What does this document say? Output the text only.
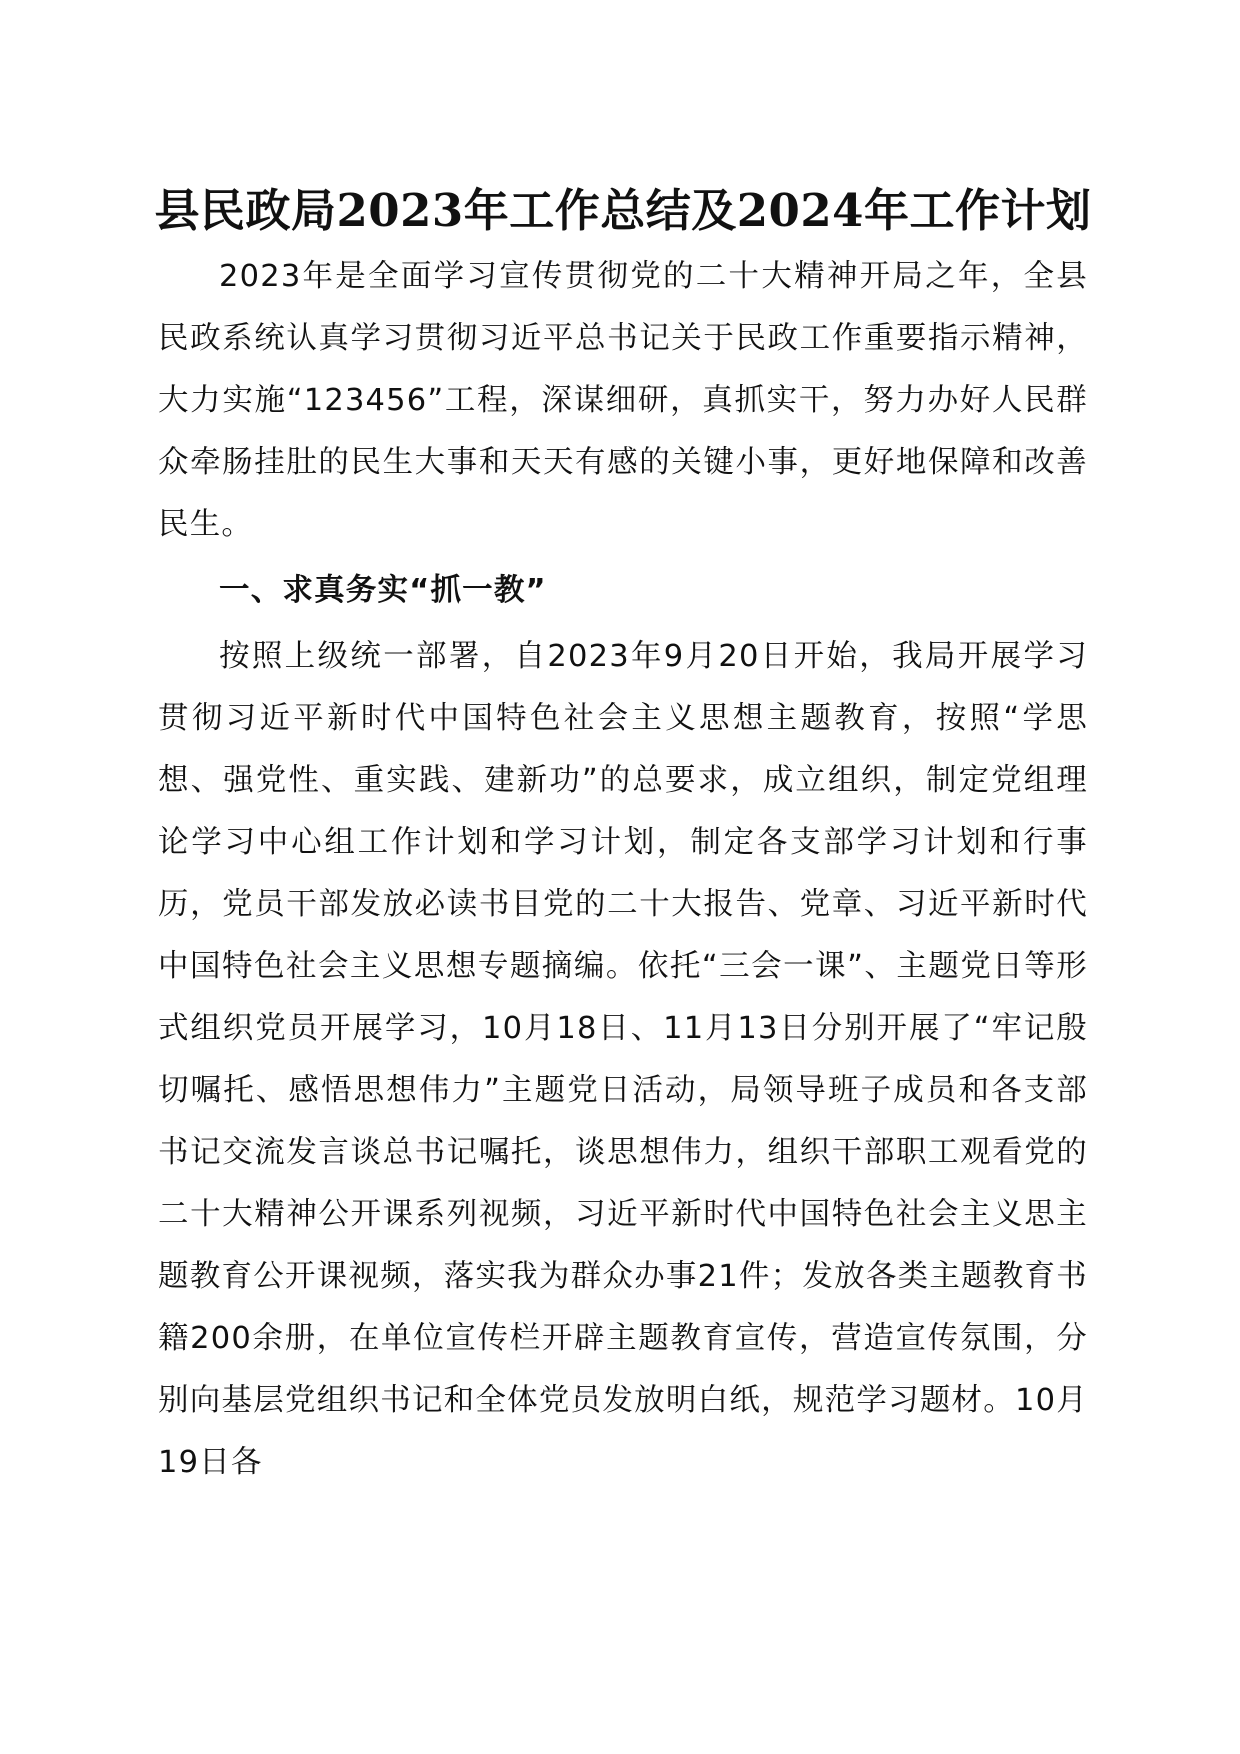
县民政局2023年工作总结及2024年工作计划

2023年是全面学习宣传贯彻党的二十大精神开局之年，全县民政系统认真学习贯彻习近平总书记关于民政工作重要指示精神，大力实施“123456”工程，深谋细研，真抓实干，努力办好人民群众牵肠挂肚的民生大事和天天有感的关键小事，更好地保障和改善民生。

一、求真务实“抓一教”

按照上级统一部署，自2023年9月20日开始，我局开展学习贯彻习近平新时代中国特色社会主义思想主题教育，按照“学思想、强党性、重实践、建新功”的总要求，成立组织，制定党组理论学习中心组工作计划和学习计划，制定各支部学习计划和行事历，党员干部发放必读书目党的二十大报告、党章、习近平新时代中国特色社会主义思想专题摘编。依托“三会一课”、主题党日等形式组织党员开展学习，10月18日、11月13日分别开展了“牢记殷切嘱托、感悟思想伟力”主题党日活动，局领导班子成员和各支部书记交流发言谈总书记嘱托，谈思想伟力，组织干部职工观看党的二十大精神公开课系列视频，习近平新时代中国特色社会主义思主题教育公开课视频，落实我为群众办事21件；发放各类主题教育书籍200余册，在单位宣传栏开辟主题教育宣传，营造宣传氛围，分别向基层党组织书记和全体党员发放明白纸，规范学习题材。10月19日各
